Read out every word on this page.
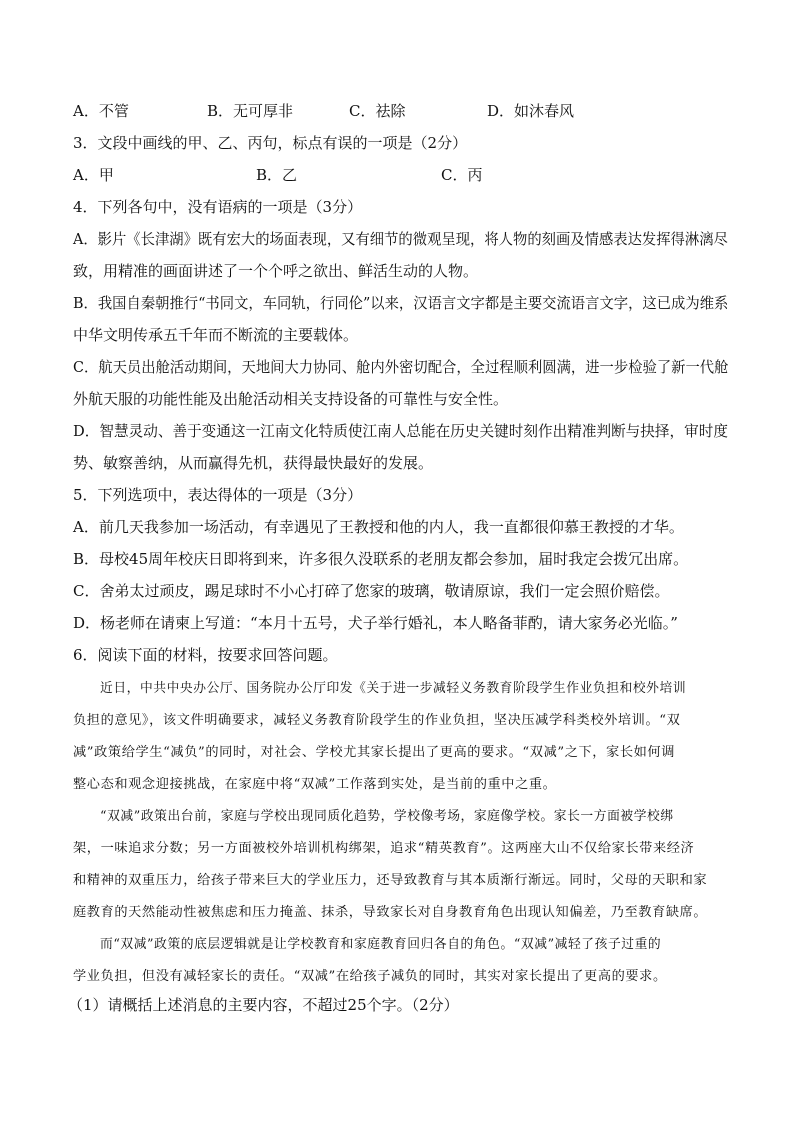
A．不管	B．无可厚非	C．祛除	D．如沐春风
3．文段中画线的甲、乙、丙句，标点有误的一项是（2分）
A．甲	B．乙	C．丙
4．下列各句中，没有语病的一项是（3分）
A．影片《长津湖》既有宏大的场面表现，又有细节的微观呈现，将人物的刻画及情感表达发挥得淋漓尽
致，用精准的画面讲述了一个个呼之欲出、鲜活生动的人物。
B．我国自秦朝推行“书同文，车同轨，行同伦”以来，汉语言文字都是主要交流语言文字，这已成为维系
中华文明传承五千年而不断流的主要载体。
C．航天员出舱活动期间，天地间大力协同、舱内外密切配合，全过程顺利圆满，进一步检验了新一代舱
外航天服的功能性能及出舱活动相关支持设备的可靠性与安全性。
D．智慧灵动、善于变通这一江南文化特质使江南人总能在历史关键时刻作出精准判断与抉择，审时度
势、敏察善纳，从而赢得先机，获得最快最好的发展。
5．下列选项中，表达得体的一项是（3分）
A．前几天我参加一场活动，有幸遇见了王教授和他的内人，我一直都很仰慕王教授的才华。
B．母校45周年校庆日即将到来，许多很久没联系的老朋友都会参加，届时我定会拨冗出席。
C．舍弟太过顽皮，踢足球时不小心打碎了您家的玻璃，敬请原谅，我们一定会照价赔偿。
D．杨老师在请柬上写道：“本月十五号，犬子举行婚礼，本人略备菲酌，请大家务必光临。”
6．阅读下面的材料，按要求回答问题。
近日，中共中央办公厅、国务院办公厅印发《关于进一步减轻义务教育阶段学生作业负担和校外培训
负担的意见》，该文件明确要求，减轻义务教育阶段学生的作业负担，坚决压减学科类校外培训。“双
减”政策给学生“减负”的同时，对社会、学校尤其家长提出了更高的要求。“双减”之下，家长如何调
整心态和观念迎接挑战，在家庭中将“双减”工作落到实处，是当前的重中之重。
“双减”政策出台前，家庭与学校出现同质化趋势，学校像考场，家庭像学校。家长一方面被学校绑
架，一味追求分数；另一方面被校外培训机构绑架，追求“精英教育”。这两座大山不仅给家长带来经济
和精神的双重压力，给孩子带来巨大的学业压力，还导致教育与其本质渐行渐远。同时，父母的天职和家
庭教育的天然能动性被焦虑和压力掩盖、抹杀，导致家长对自身教育角色出现认知偏差，乃至教育缺席。
而“双减”政策的底层逻辑就是让学校教育和家庭教育回归各自的角色。“双减”减轻了孩子过重的
学业负担，但没有减轻家长的责任。“双减”在给孩子减负的同时，其实对家长提出了更高的要求。
（1）请概括上述消息的主要内容，不超过25个字。（2分）
